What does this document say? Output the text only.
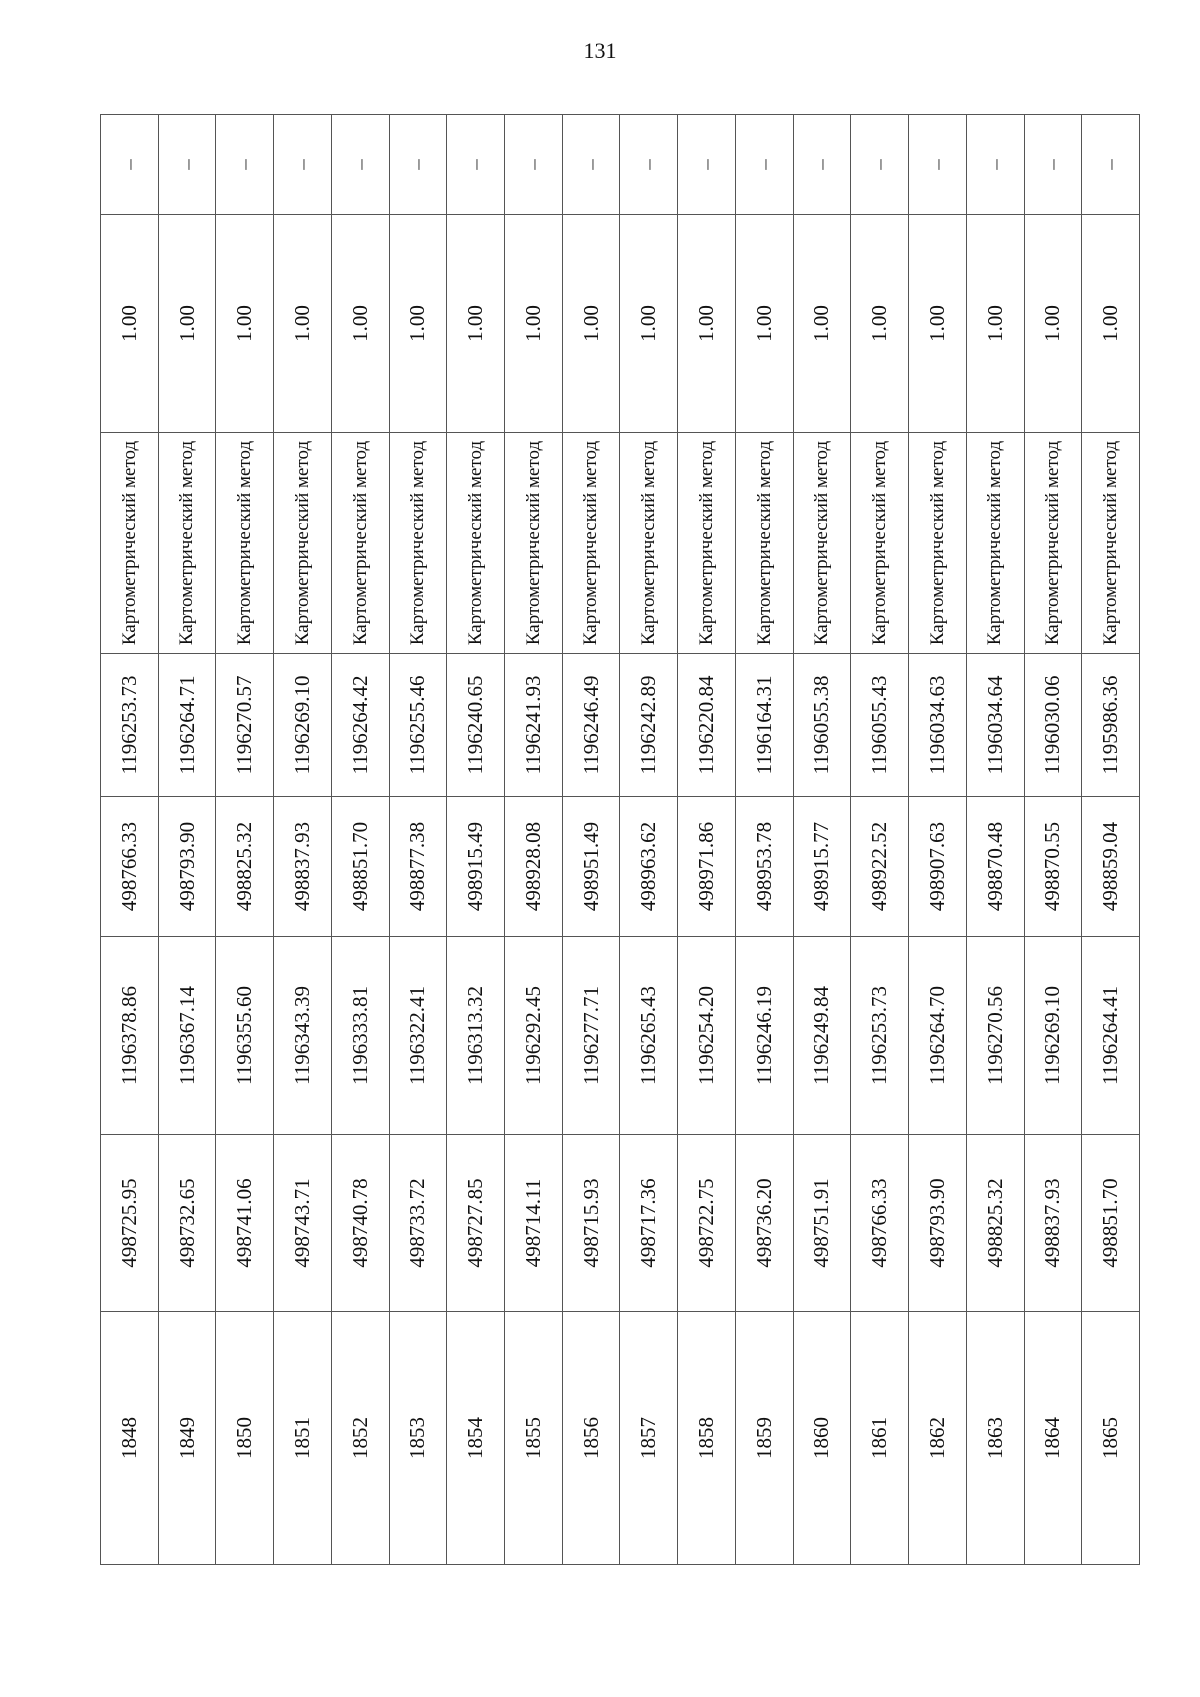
131
1848	498725.95	1196378.86	498766.33	1196253.73	Картометрический метод	1.00	–
1849	498732.65	1196367.14	498793.90	1196264.71	Картометрический метод	1.00	–
1850	498741.06	1196355.60	498825.32	1196270.57	Картометрический метод	1.00	–
1851	498743.71	1196343.39	498837.93	1196269.10	Картометрический метод	1.00	–
1852	498740.78	1196333.81	498851.70	1196264.42	Картометрический метод	1.00	–
1853	498733.72	1196322.41	498877.38	1196255.46	Картометрический метод	1.00	–
1854	498727.85	1196313.32	498915.49	1196240.65	Картометрический метод	1.00	–
1855	498714.11	1196292.45	498928.08	1196241.93	Картометрический метод	1.00	–
1856	498715.93	1196277.71	498951.49	1196246.49	Картометрический метод	1.00	–
1857	498717.36	1196265.43	498963.62	1196242.89	Картометрический метод	1.00	–
1858	498722.75	1196254.20	498971.86	1196220.84	Картометрический метод	1.00	–
1859	498736.20	1196246.19	498953.78	1196164.31	Картометрический метод	1.00	–
1860	498751.91	1196249.84	498915.77	1196055.38	Картометрический метод	1.00	–
1861	498766.33	1196253.73	498922.52	1196055.43	Картометрический метод	1.00	–
1862	498793.90	1196264.70	498907.63	1196034.63	Картометрический метод	1.00	–
1863	498825.32	1196270.56	498870.48	1196034.64	Картометрический метод	1.00	–
1864	498837.93	1196269.10	498870.55	1196030.06	Картометрический метод	1.00	–
1865	498851.70	1196264.41	498859.04	1195986.36	Картометрический метод	1.00	–
